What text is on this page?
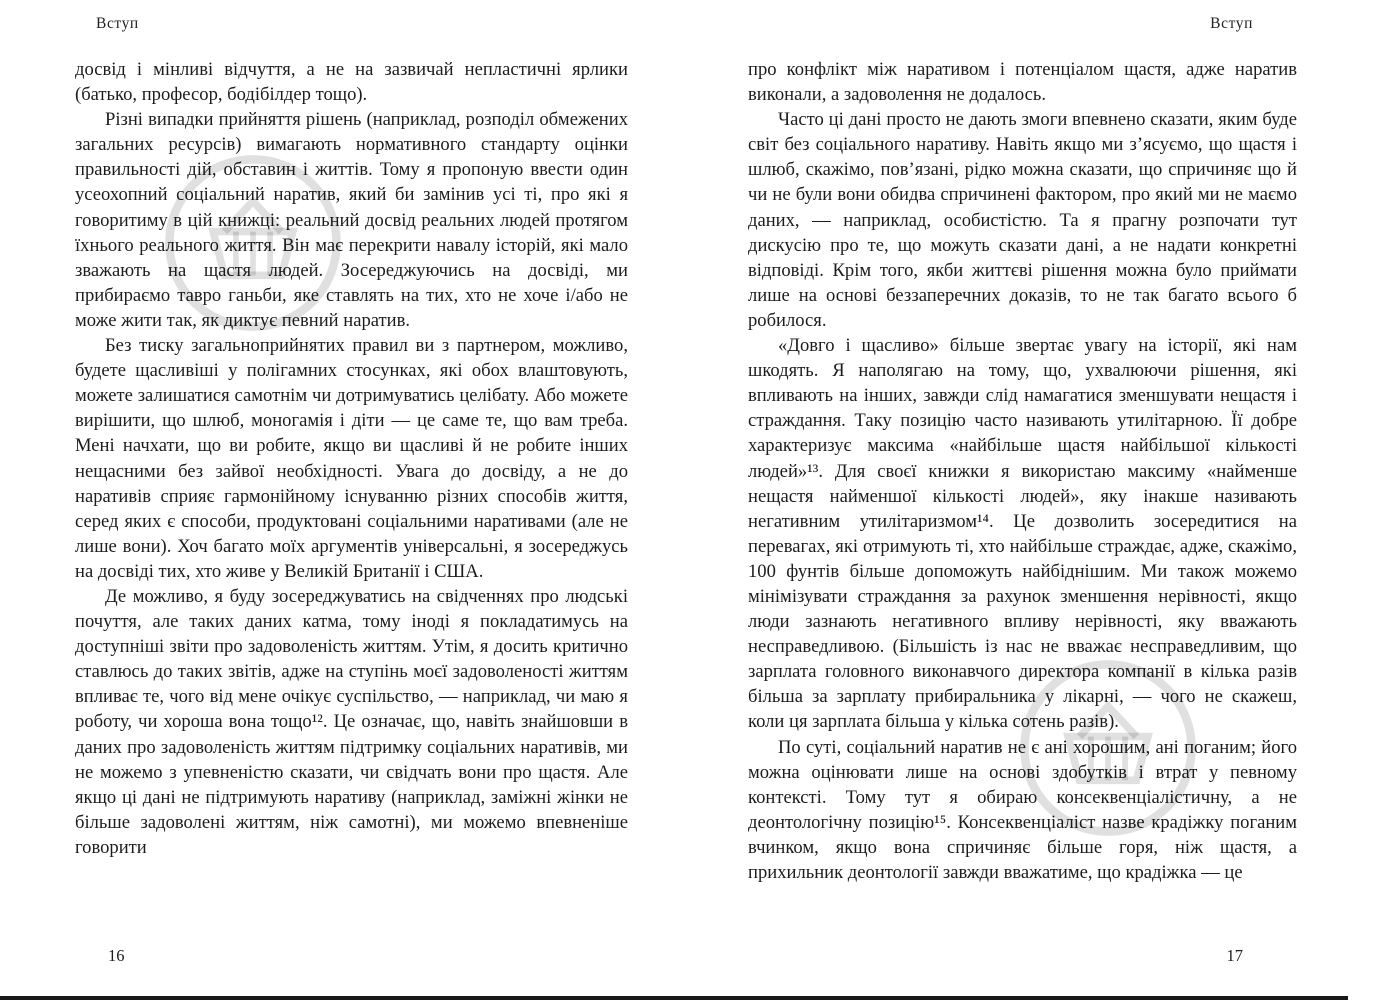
Вступ

досвід і мінливі відчуття, а не на зазвичай непластичні ярлики (батько, професор, бодібілдер тощо).

Різні випадки прийняття рішень (наприклад, розподіл обмежених загальних ресурсів) вимагають нормативного стандарту оцінки правильності дій, обставин і життів. Тому я пропоную ввести один усеохопний соціальний наратив, який би замінив усі ті, про які я говоритиму в цій книжці: реальний досвід реальних людей протягом їхнього реального життя. Він має перекрити навалу історій, які мало зважають на щастя людей. Зосереджуючись на досвіді, ми прибираємо тавро ганьби, яке ставлять на тих, хто не хоче і/або не може жити так, як диктує певний наратив.

Без тиску загальноприйнятих правил ви з партнером, можливо, будете щасливіші у полігамних стосунках, які обох влаштовують, можете залишатися самотнім чи дотримуватись целібату. Або можете вирішити, що шлюб, моногамія і діти — це саме те, що вам треба. Мені начхати, що ви робите, якщо ви щасливі й не робите інших нещасними без зайвої необхідності. Увага до досвіду, а не до наративів сприяє гармонійному існуванню різних способів життя, серед яких є способи, продуктовані соціальними наративами (але не лише вони). Хоч багато моїх аргументів універсальні, я зосереджусь на досвіді тих, хто живе у Великій Британії і США.

Де можливо, я буду зосереджуватись на свідченнях про людські почуття, але таких даних катма, тому іноді я покладатимусь на доступніші звіти про задоволеність життям. Утім, я досить критично ставлюсь до таких звітів, адже на ступінь моєї задоволеності життям впливає те, чого від мене очікує суспільство, — наприклад, чи маю я роботу, чи хороша вона тощо¹². Це означає, що, навіть знайшовши в даних про задоволеність життям підтримку соціальних наративів, ми не можемо з упевненістю сказати, чи свідчать вони про щастя. Але якщо ці дані не підтримують наративу (наприклад, заміжні жінки не більше задоволені життям, ніж самотні), ми можемо впевненіше говорити

16
Вступ

про конфлікт між наративом і потенціалом щастя, адже наратив виконали, а задоволення не додалось.

Часто ці дані просто не дають змоги впевнено сказати, яким буде світ без соціального наративу. Навіть якщо ми з’ясуємо, що щастя і шлюб, скажімо, пов’язані, рідко можна сказати, що спричиняє що й чи не були вони обидва спричинені фактором, про який ми не маємо даних, — наприклад, особистістю. Та я прагну розпочати тут дискусію про те, що можуть сказати дані, а не надати конкретні відповіді. Крім того, якби життєві рішення можна було приймати лише на основі беззаперечних доказів, то не так багато всього б робилося.

«Довго і щасливо» більше звертає увагу на історії, які нам шкодять. Я наполягаю на тому, що, ухвалюючи рішення, які впливають на інших, завжди слід намагатися зменшувати нещастя і страждання. Таку позицію часто називають утилітарною. Її добре характеризує максима «найбільше щастя найбільшої кількості людей»¹³. Для своєї книжки я використаю максиму «найменше нещастя найменшої кількості людей», яку інакше називають негативним утилітаризмом¹⁴. Це дозволить зосередитися на перевагах, які отримують ті, хто найбільше страждає, адже, скажімо, 100 фунтів більше допоможуть найбіднішим. Ми також можемо мінімізувати страждання за рахунок зменшення нерівності, якщо люди зазнають негативного впливу нерівності, яку вважають несправедливою. (Більшість із нас не вважає несправедливим, що зарплата головного виконавчого директора компанії в кілька разів більша за зарплату прибиральника у лікарні, — чого не скажеш, коли ця зарплата більша у кілька сотень разів).

По суті, соціальний наратив не є ані хорошим, ані поганим; його можна оцінювати лише на основі здобутків і втрат у певному контексті. Тому тут я обираю консеквенціалістичну, а не деонтологічну позицію¹⁵. Консеквенціаліст назве крадіжку поганим вчинком, якщо вона спричиняє більше горя, ніж щастя, а прихильник деонтології завжди вважатиме, що крадіжка — це

17
